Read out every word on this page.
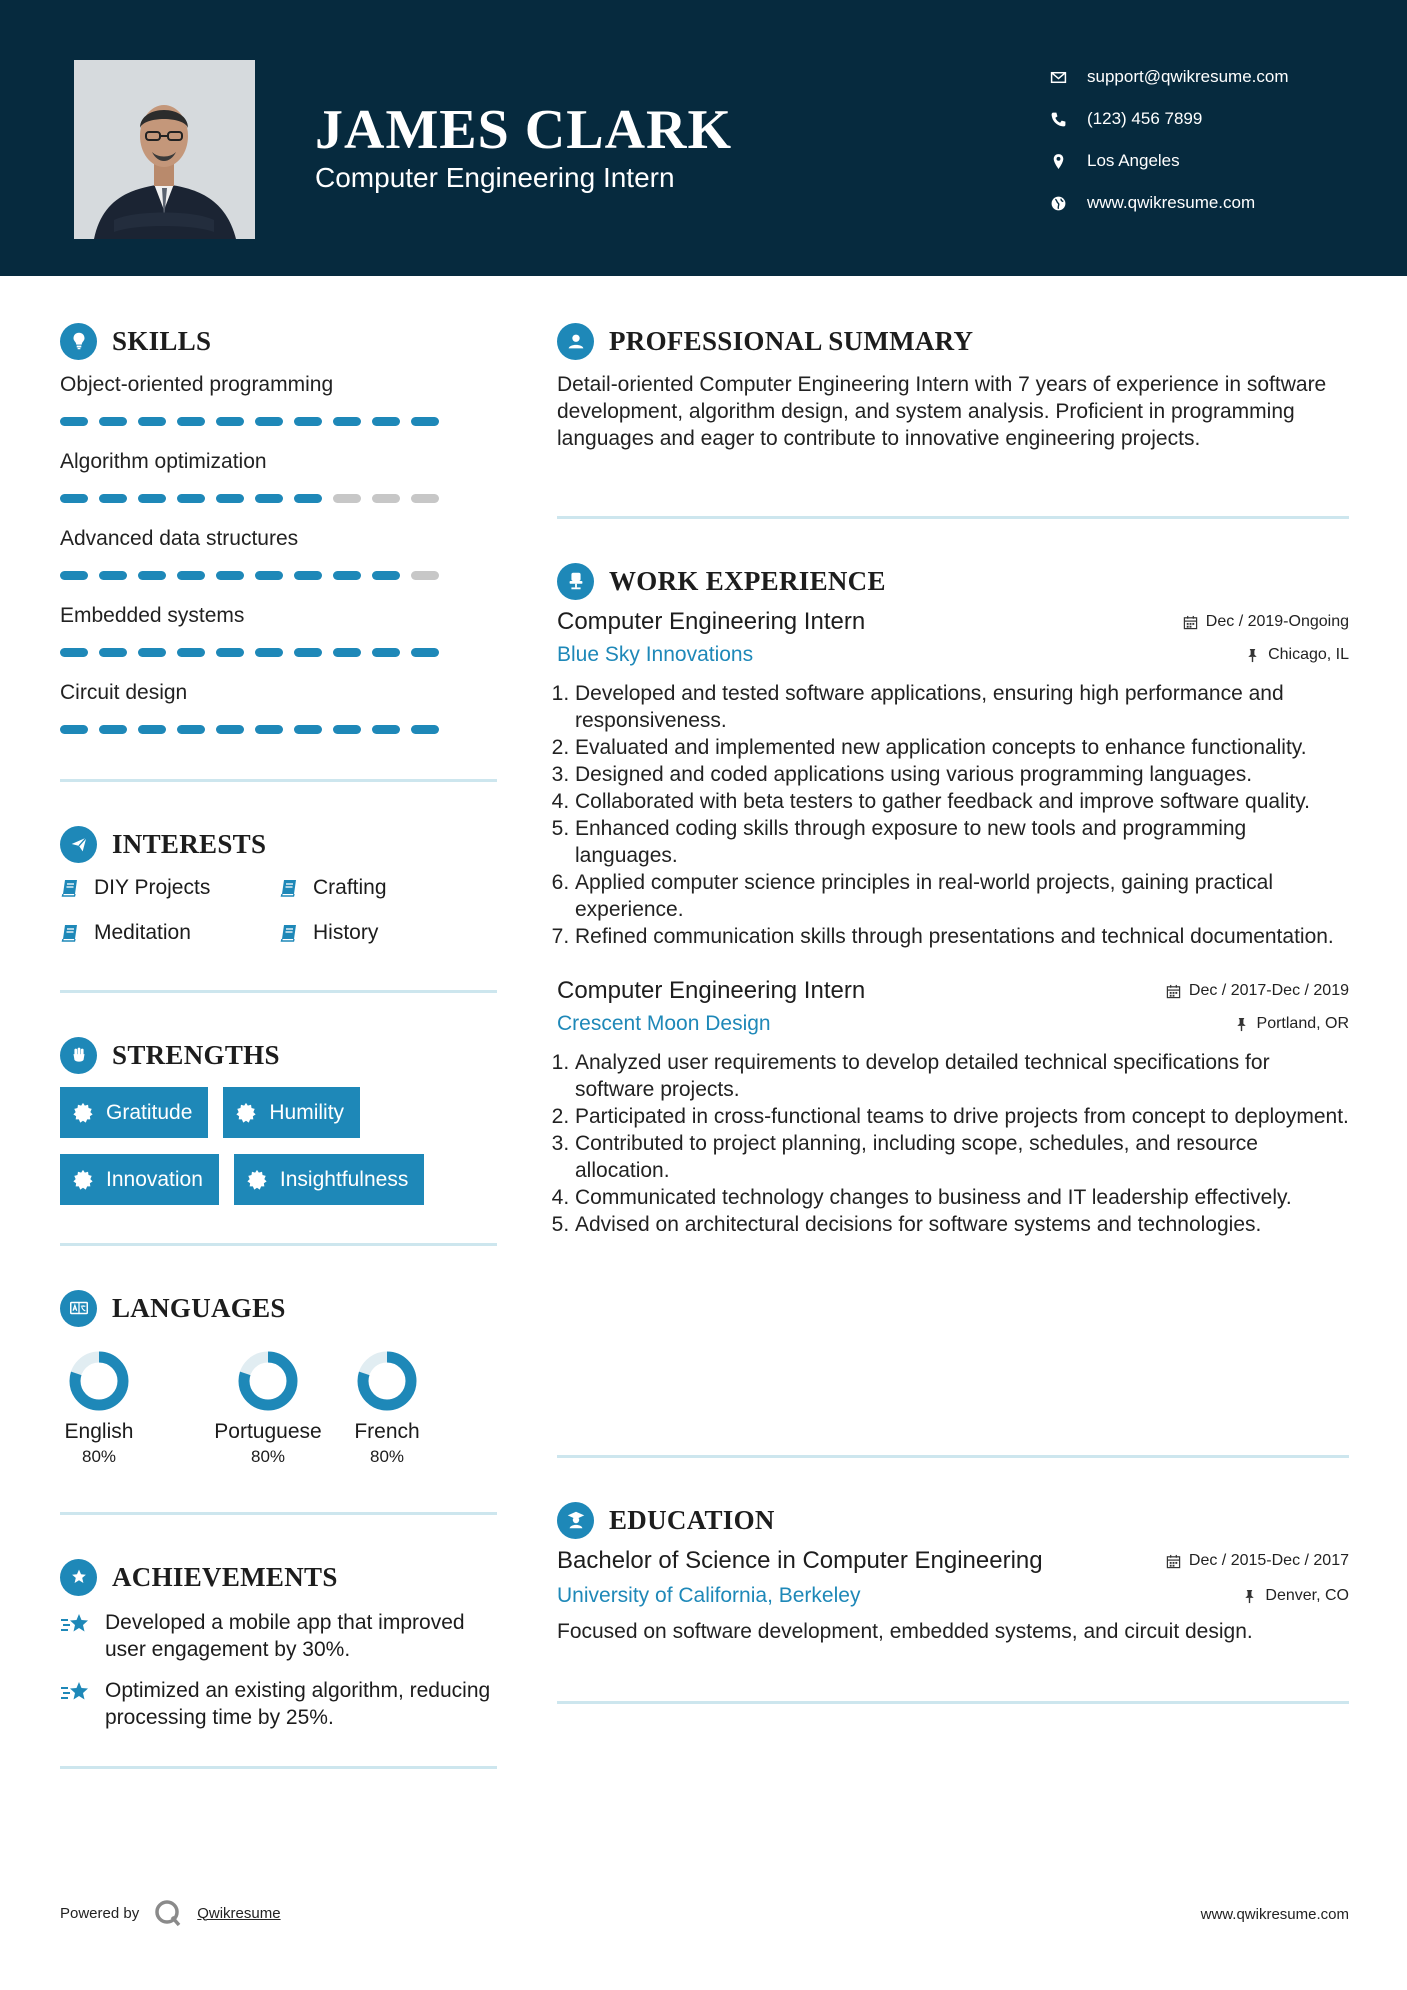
JAMES CLARK
Computer Engineering Intern
support@qwikresume.com
(123) 456 7899
Los Angeles
www.qwikresume.com
SKILLS
Object-oriented programming
Algorithm optimization
Advanced data structures
Embedded systems
Circuit design
INTERESTS
DIY Projects	Crafting
Meditation	History
STRENGTHS
Gratitude	Humility
Innovation	Insightfulness
LANGUAGES
English
80%
Portuguese
80%
French
80%
ACHIEVEMENTS
Developed a mobile app that improved user engagement by 30%.
Optimized an existing algorithm, reducing processing time by 25%.
PROFESSIONAL SUMMARY

Detail-oriented Computer Engineering Intern with 7 years of experience in software development, algorithm design, and system analysis. Proficient in programming languages and eager to contribute to innovative engineering projects.

WORK EXPERIENCE
Computer Engineering Intern	Dec / 2019-Ongoing
Blue Sky Innovations	Chicago, IL
1. Developed and tested software applications, ensuring high performance and responsiveness.
2. Evaluated and implemented new application concepts to enhance functionality.
3. Designed and coded applications using various programming languages.
4. Collaborated with beta testers to gather feedback and improve software quality.
5. Enhanced coding skills through exposure to new tools and programming languages.
6. Applied computer science principles in real-world projects, gaining practical experience.
7. Refined communication skills through presentations and technical documentation.
Computer Engineering Intern	Dec / 2017-Dec / 2019
Crescent Moon Design	Portland, OR
1. Analyzed user requirements to develop detailed technical specifications for software projects.
2. Participated in cross-functional teams to drive projects from concept to deployment.
3. Contributed to project planning, including scope, schedules, and resource allocation.
4. Communicated technology changes to business and IT leadership effectively.
5. Advised on architectural decisions for software systems and technologies.
EDUCATION
Bachelor of Science in Computer Engineering	Dec / 2015-Dec / 2017
University of California, Berkeley	Denver, CO

Focused on software development, embedded systems, and circuit design.

Powered by	Qwikresume	www.qwikresume.com
